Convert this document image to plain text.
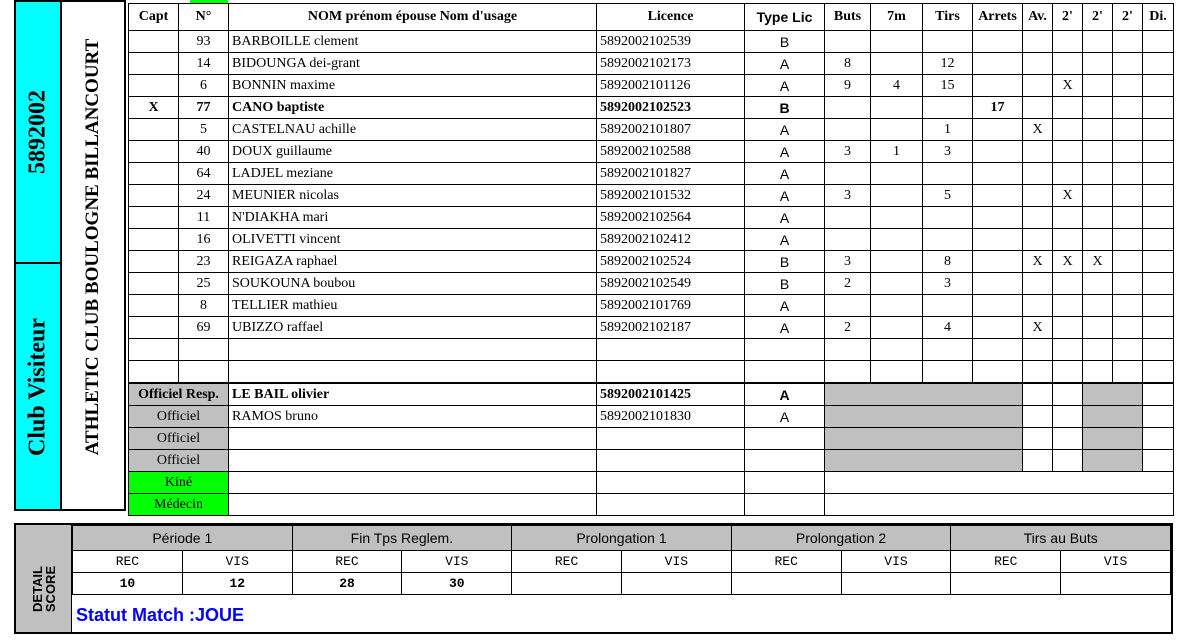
5892002
Club Visiteur ATHLETIC CLUB BOULOGNE BILLANCOURT
Capt	N°	NOM prénom épouse Nom d'usage	Licence	Type Lic	Buts	7m	Tirs	Arrets	Av.	2'	2'	2'	Di.
	93	BARBOILLE clement	5892002102539	B									
	14	BIDOUNGA dei-grant	5892002102173	A	8		12						
	6	BONNIN maxime	5892002101126	A	9	4	15			X			
X	77	CANO baptiste	5892002102523	B				17					
	5	CASTELNAU achille	5892002101807	A			1		X				
	40	DOUX guillaume	5892002102588	A	3	1	3						
	64	LADJEL meziane	5892002101827	A									
	24	MEUNIER nicolas	5892002101532	A	3		5			X			
	11	N'DIAKHA mari	5892002102564	A									
	16	OLIVETTI vincent	5892002102412	A									
	23	REIGAZA raphael	5892002102524	B	3		8		X	X	X		
	25	SOUKOUNA boubou	5892002102549	B	2		3						
	8	TELLIER mathieu	5892002101769	A									
	69	UBIZZO raffael	5892002102187	A	2		4		X				

Officiel Resp.		LE BAIL olivier	5892002101425	A									
Officiel		RAMOS bruno	5892002101830	A									
Officiel													
Officiel													
Kiné													
Médecin													
DETAIL
SCORE
Période 1		Fin Tps Reglem.		Prolongation 1		Prolongation 2		Tirs au Buts	
REC	VIS	REC	VIS	REC	VIS	REC	VIS	REC	VIS
10	12	28	30						
Statut Match :JOUE
